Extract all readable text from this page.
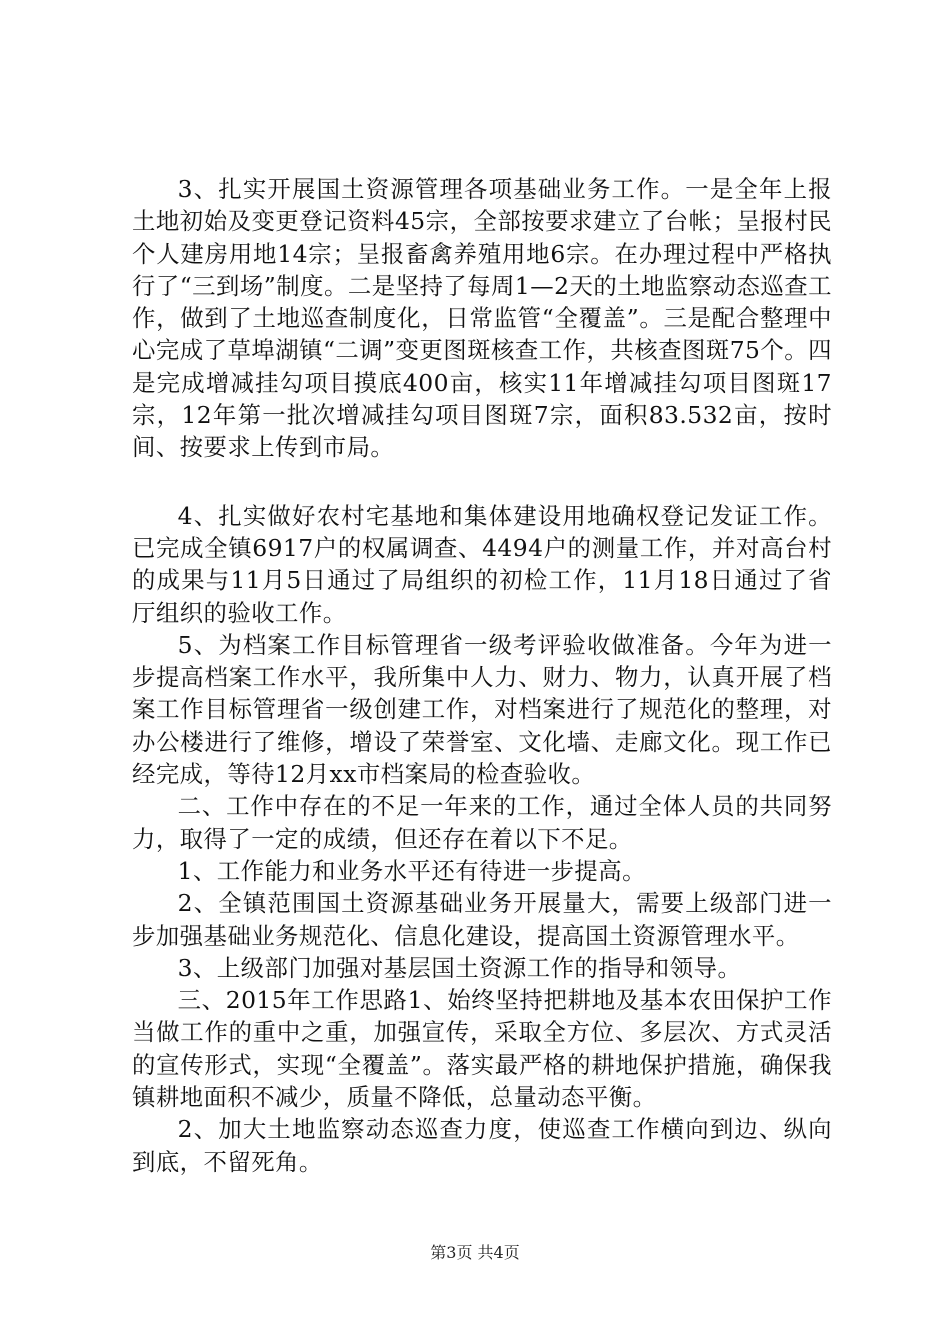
3、扎实开展国土资源管理各项基础业务工作。一是全年上报土地初始及变更登记资料45宗，全部按要求建立了台帐；呈报村民个人建房用地14宗；呈报畜禽养殖用地6宗。在办理过程中严格执行了“三到场”制度。二是坚持了每周1—2天的土地监察动态巡查工作，做到了土地巡查制度化，日常监管“全覆盖”。三是配合整理中心完成了草埠湖镇“二调”变更图斑核查工作，共核查图斑75个。四是完成增减挂勾项目摸底400亩，核实11年增减挂勾项目图斑17宗，12年第一批次增减挂勾项目图斑7宗，面积83.532亩，按时间、按要求上传到市局。

4、扎实做好农村宅基地和集体建设用地确权登记发证工作。已完成全镇6917户的权属调查、4494户的测量工作，并对高台村的成果与11月5日通过了局组织的初检工作，11月18日通过了省厅组织的验收工作。

5、为档案工作目标管理省一级考评验收做准备。今年为进一步提高档案工作水平，我所集中人力、财力、物力，认真开展了档案工作目标管理省一级创建工作，对档案进行了规范化的整理，对办公楼进行了维修，增设了荣誉室、文化墙、走廊文化。现工作已经完成，等待12月xx市档案局的检查验收。

二、工作中存在的不足一年来的工作，通过全体人员的共同努力，取得了一定的成绩，但还存在着以下不足。

1、工作能力和业务水平还有待进一步提高。

2、全镇范围国土资源基础业务开展量大，需要上级部门进一步加强基础业务规范化、信息化建设，提高国土资源管理水平。

3、上级部门加强对基层国土资源工作的指导和领导。

三、2015年工作思路1、始终坚持把耕地及基本农田保护工作当做工作的重中之重，加强宣传，采取全方位、多层次、方式灵活的宣传形式，实现“全覆盖”。落实最严格的耕地保护措施，确保我镇耕地面积不减少，质量不降低，总量动态平衡。

2、加大土地监察动态巡查力度，使巡查工作横向到边、纵向到底，不留死角。

第3页 共4页
